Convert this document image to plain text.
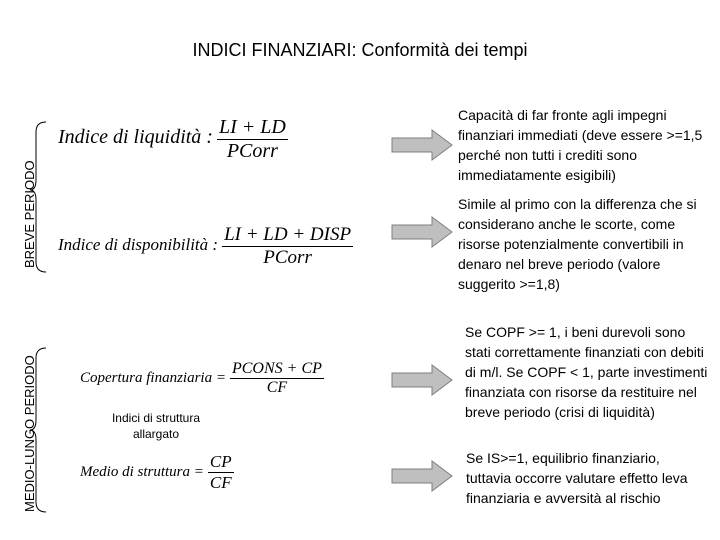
INDICI FINANZIARI: Conformità dei tempi
BREVE PERIODO
MEDIO-LUNGO PERIODO
Indice di liquidità : $\frac{LI + LD}{\text{PCorr}}$
Indice di disponibilità : $\frac{\text{LI + LD + DISP}}{\text{PCorr}}$
Copertura finanziaria = $\frac{\text{PCONS + CP}}{CF}$
Indici di struttura allargato
Medio di struttura = $\frac{CP}{CF}$
Capacità di far fronte agli impegni finanziari immediati (deve essere >=1,5 perché non tutti i crediti sono immediatamente esigibili)
Simile al primo con la differenza che si considerano anche le scorte, come risorse potenzialmente convertibili in denaro nel breve periodo (valore suggerito >=1,8)
Se COPF >= 1, i beni durevoli sono stati correttamente finanziati con debiti di m/l. Se COPF < 1, parte investimenti finanziata con risorse da restituire nel breve periodo (crisi di liquidità)
Se IS>=1, equilibrio finanziario, tuttavia occorre valutare effetto leva finanziaria e avversità al rischio
